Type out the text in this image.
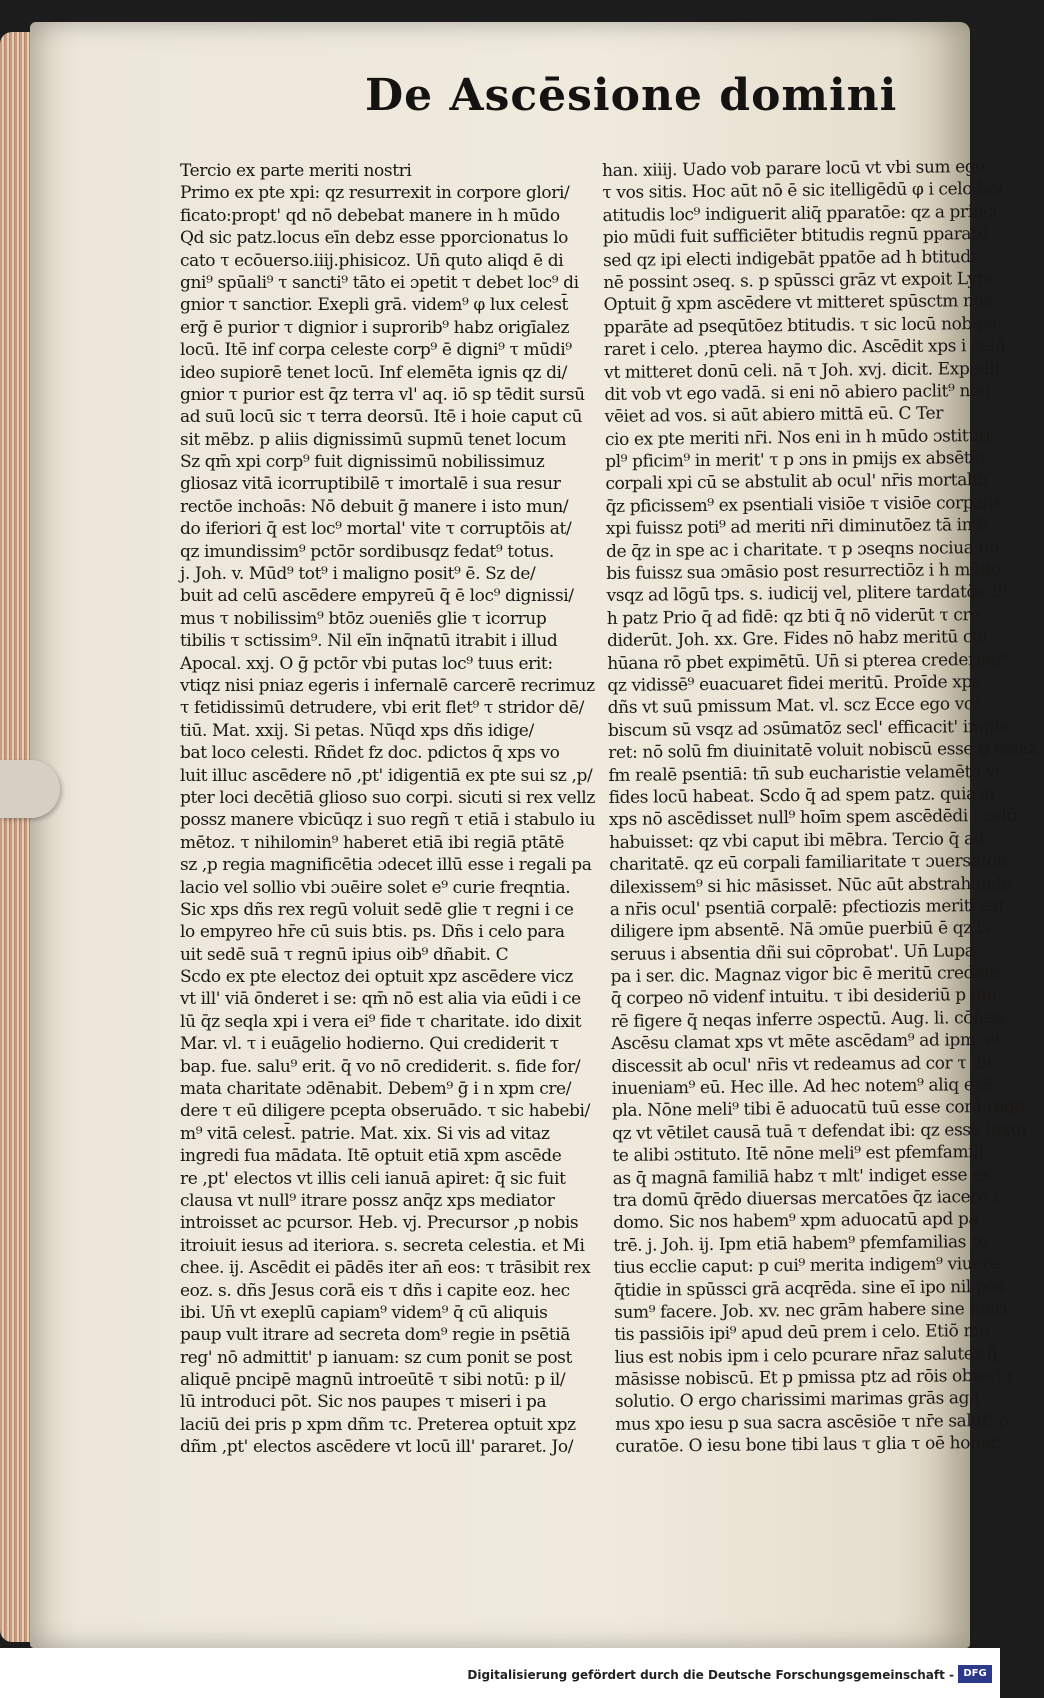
De Ascēsione domini
Tercio ex parte meriti nostri
Primo ex pte xpi: qz resurrexit in corpore glori/
ficato:propt' qd nō debebat manere in h mūdo
Qd sic patz.locus eīn debz esse pporcionatus lo
cato τ ecōuerso.iiij.phisicoz. Un̄ quto aliqd ē di
gni⁹ spūali⁹ τ sancti⁹ tāto ei ɔpetit τ debet loc⁹ di
gnior τ sanctior. Exepli grā. videm⁹ φ lux celest̄
erḡ ē purior τ dignior i suprorib⁹ habz origīalez
locū. Itē inf corpa celeste corp⁹ ē digni⁹ τ mūdi⁹
ideo supiorē tenet locū. Inf elemēta ignis qz di/
gnior τ purior est q̄z terra vl' aq. iō sp tēdit sursū
ad suū locū sic τ terra deorsū. Itē i hoie caput cū
sit mēbz. p aliis dignissimū supmū tenet locum
Sz qm̄ xpi corp⁹ fuit dignissimū nobilissimuz
gliosaz vitā icorruptibilē τ imortalē i sua resur
rectōe inchoās: Nō debuit ḡ manere i isto mun/
do iferiori q̄ est loc⁹ mortal' vite τ corruptōis at/
qz imundissim⁹ pctōr sordibusqz fedat⁹ totus.
j. Joh. v. Mūd⁹ tot⁹ i maligno posit⁹ ē. Sz de/
buit ad celū ascēdere empyreū q̄ ē loc⁹ dignissi/
mus τ nobilissim⁹ btōz ɔueniēs glie τ icorrup
tibilis τ sctissim⁹. Nil eīn inq̄natū itrabit i illud
Apocal. xxj. O ḡ pctōr vbi putas loc⁹ tuus erit:
vtiqz nisi pniaz egeris i infernalē carcerē recrimuz
τ fetidissimū detrudere, vbi erit flet⁹ τ stridor dē/
tiū. Mat. xxij. Si petas. Nūqd xps dñs idige/
bat loco celesti. Rñdet fz doc. pdictos q̄ xps vo
luit illuc ascēdere nō ,pt' idigentiā ex pte sui sz ,p/
pter loci decētiā glioso suo corpi. sicuti si rex vellz
possz manere vbicūqz i suo regñ τ etiā i stabulo iu
mētoz. τ nihilomin⁹ haberet etiā ibi regiā ptātē
sz ,p regia magnificētia ɔdecet illū esse i regali pa
lacio vel sollio vbi ɔuēire solet e⁹ curie freqntia.
Sic xps dñs rex regū voluit sedē glie τ regni i ce
lo empyreo hr̄e cū suis btis. ps. Dñs i celo para
uit sedē suā τ regnū ipius oib⁹ dñabit. C
Scdo ex pte electoz dei optuit xpz ascēdere vicz
vt ill' viā ōnderet i se: qm̄ nō est alia via eūdi i ce
lū q̄z seqla xpi i vera ei⁹ fide τ charitate. ido dixit
Mar. vl. τ i euāgelio hodierno. Qui crediderit τ
bap. fue. salu⁹ erit. q̄ vo nō crediderit. s. fide for/
mata charitate ɔdēnabit. Debem⁹ ḡ i n xpm cre/
dere τ eū diligere pcepta obseruādo. τ sic habebi/
m⁹ vitā celest̄. patrie. Mat. xix. Si vis ad vitaz
ingredi fua mādata. Itē optuit etiā xpm ascēde
re ,pt' electos vt illis celi ianuā apiret: q̄ sic fuit
clausa vt null⁹ itrare possz anq̄z xps mediator
introisset ac pcursor. Heb. vj. Precursor ,p nobis
itroiuit iesus ad iteriora. s. secreta celestia. et Mi
chee. ij. Ascēdit ei pādēs iter an̄ eos: τ trāsibit rex
eoz. s. dñs Jesus corā eis τ dñs i capite eoz. hec
ibi. Un̄ vt exeplū capiam⁹ videm⁹ q̄ cū aliquis
paup vult itrare ad secreta dom⁹ regie in psētiā
reg' nō admittit' p ianuam: sz cum ponit se post
aliquē pncipē magnū introeūtē τ sibi notū: p il/
lū introduci pōt. Sic nos paupes τ miseri i pa
laciū dei pris p xpm dñm τc. Preterea optuit xpz
dñm ,pt' electos ascēdere vt locū ill' pararet. Jo/
han. xiiij. Uado vob parare locū vt vbi sum ego
τ vos sitis. Hoc aūt nō ē sic itelligēdū φ i celo be/
atitudis loc⁹ indiguerit aliq̄ pparatōe: qz a princi
pio mūdi fuit sufficiēter btitudis regnū pparatū
sed qz ipi electi indigebāt ppatōe ad h btitudi
nē possint ɔseq. s. p spūssci grāz vt expoit Lyra.
Optuit ḡ xpm ascēdere vt mitteret spūsctm nos
pparāte ad pseqūtōez btitudis. τ sic locū nob pa
raret i celo. ,pterea haymo dic. Ascēdit xps i celū
vt mitteret donū celi. nā τ Joh. xvj. dicit. Expedit
dit vob vt ego vadā. si eni nō abiero paclit⁹ non
vēiet ad vos. si aūt abiero mittā eū. C Ter
cio ex pte meriti nr̄i. Nos eni in h mūdo ɔstituti
pl⁹ pficim⁹ in merit' τ p ɔns in pmijs ex absētia
corpali xpi cū se abstulit ab ocul' nr̄is mortalib
q̄z pficissem⁹ ex psentiali visiōe τ visiōe corpalis
xpi fuissz poti⁹ ad meriti nr̄i diminutōez tā in fi
de q̄z in spe ac i charitate. τ p ɔseqns nociua no
bis fuissz sua ɔmāsio post resurrectiōz i h mūdo
vsqz ad lōgū tps. s. iudicij vel, plitere tardatōe Et
h patz Prio q̄ ad fidē: qz bti q̄ nō viderūt τ cre
diderūt. Joh. xx. Gre. Fides nō habz meritū cui
hūana rō pbet expimētū. Un̄ si pterea crederem⁹
qz vidissē⁹ euacuaret fidei meritū. Proīde xps
dñs vt suū pmissum Mat. vl. scz Ecce ego vo/
biscum sū vsqz ad ɔsūmatōz secl' efficacit' imple
ret: nō solū fm diuinitatē voluit nobiscū esse φ eciaz
fm realē psentiā: tn̄ sub eucharistie velamēto vt
fides locū habeat. Scdo q̄ ad spem patz. quia si
xps nō ascēdisset null⁹ hoīm spem ascēdēdi i celū
habuisset: qz vbi caput ibi mēbra. Tercio q̄ ad
charitatē. qz eū corpali familiaritate τ ɔuersatōe
dilexissem⁹ si hic māsisset. Nūc aūt abstrahendo
a nr̄is ocul' psentiā corpalē: pfectiozis meriti est
diligere ipm absentē. Nā ɔmūe puerbiū ē qz is
seruus i absentia dñi sui cōprobat'. Un̄ Lupa
pa i ser. dic. Magnaz vigor bic ē meritū credere
q̄ corpeo nō videnf intuitu. τ ibi desideriū p mo
rē figere q̄ neqas inferre ɔspectū. Aug. li. cōfess.
Ascēsu clamat xps vt mēte ascēdam⁹ ad ipm. et
discessit ab ocul' nr̄is vt redeamus ad cor τ ibi
inueniam⁹ eū. Hec ille. Ad hec notem⁹ aliq exē
pla. Nōne meli⁹ tibi ē aduocatū tuū esse corā rege
qz vt vētilet causā tuā τ defendat ibi: qz esse iuxta
te alibi ɔstituto. Itē nōne meli⁹ est pfemfamili
as q̄ magnā familiā habz τ mlt' indiget esse ex
tra domū q̄rēdo diuersas mercatōes q̄z iacere i
domo. Sic nos habem⁹ xpm aduocatū apd pa
trē. j. Joh. ij. Ipm etiā habem⁹ pfemfamilias to
tius ecclie caput: p cui⁹ merita indigem⁹ viuere
q̄tidie in spūssci grā acqrēda. sine eī ipo nil pos
sum⁹ facere. Job. xv. nec grām habere sine meri
tis passiōis ipi⁹ apud deū prem i celo. Etiō me
lius est nobis ipm i celo pcurare nr̄az salutez q̄
māsisse nobiscū. Et p pmissa ptz ad rōis obiecta
solutio. O ergo charissimi marimas grās aga
mus xpo iesu p sua sacra ascēsiōe τ nr̄e salut' p
curatōe. O iesu bone tibi laus τ glia τ oē honor.
Digitalisierung gefördert durch die Deutsche Forschungsgemeinschaft - DFG
